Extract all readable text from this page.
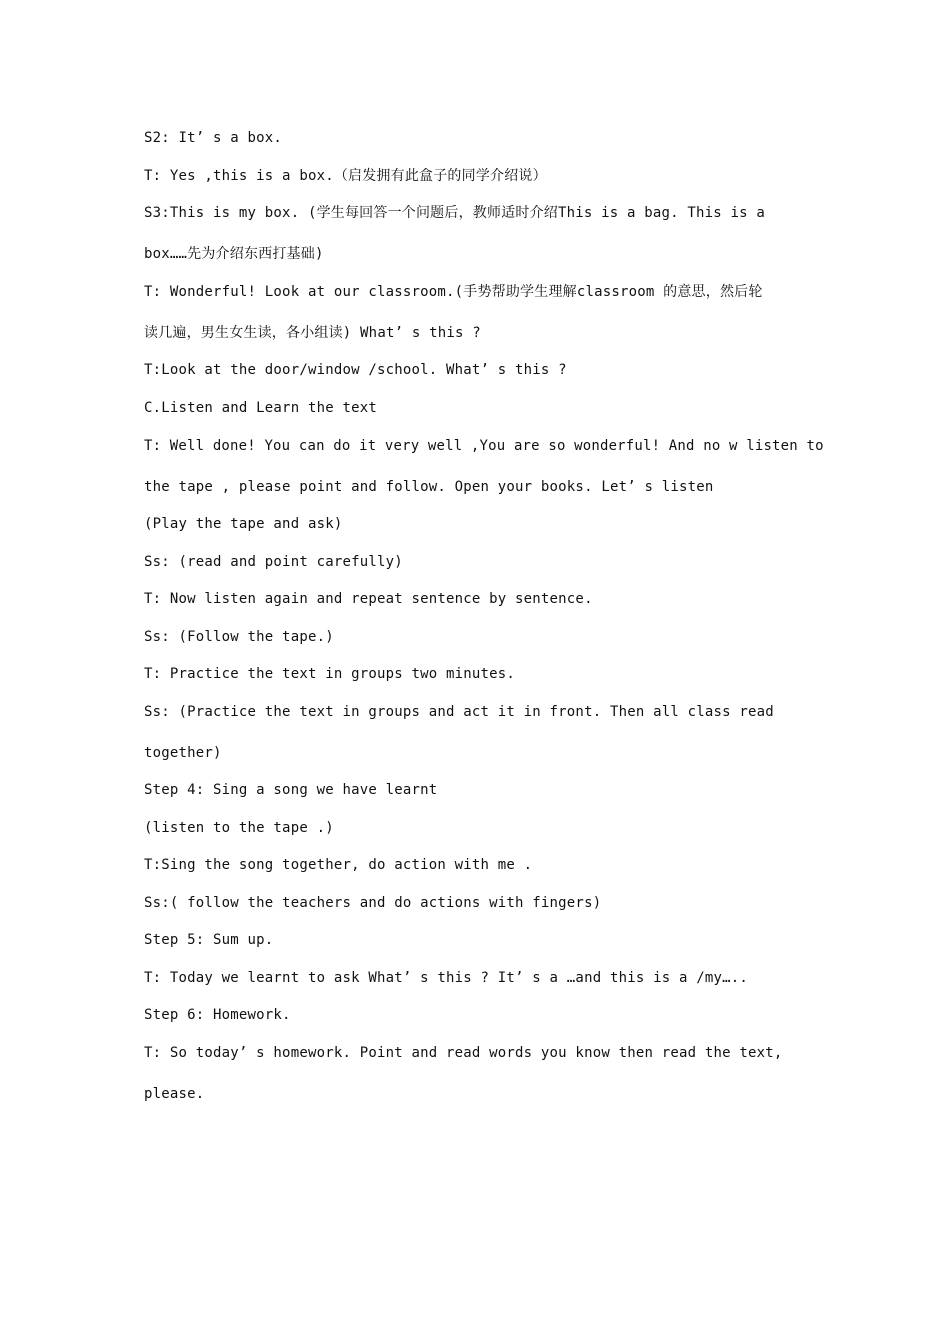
S2: It’ s a box.
T: Yes ,this is a box.（启发拥有此盒子的同学介绍说）
S3:This is my box. (学生每回答一个问题后，教师适时介绍This is a bag. This is a
box……先为介绍东西打基础)
T: Wonderful! Look at our classroom.(手势帮助学生理解classroom 的意思，然后轮
读几遍，男生女生读，各小组读) What’ s this ?
T:Look at the door/window /school. What’ s this ?
C.Listen and Learn the text
T: Well done! You can do it very well ,You are so wonderful! And no w listen to
the tape , please point and follow. Open your books. Let’ s listen
(Play the tape and ask)
Ss: (read and point carefully)
T: Now listen again and repeat sentence by sentence.
Ss: (Follow the tape.)
T: Practice the text in groups two minutes.
Ss: (Practice the text in groups and act it in front. Then all class read
together)
Step 4: Sing a song we have learnt
(listen to the tape .)
T:Sing the song together, do action with me .
Ss:( follow the teachers and do actions with fingers)
Step 5: Sum up.
T: Today we learnt to ask What’ s this ? It’ s a …and this is a /my…..
Step 6: Homework.
T: So today’ s homework. Point and read words you know then read the text,
please.
